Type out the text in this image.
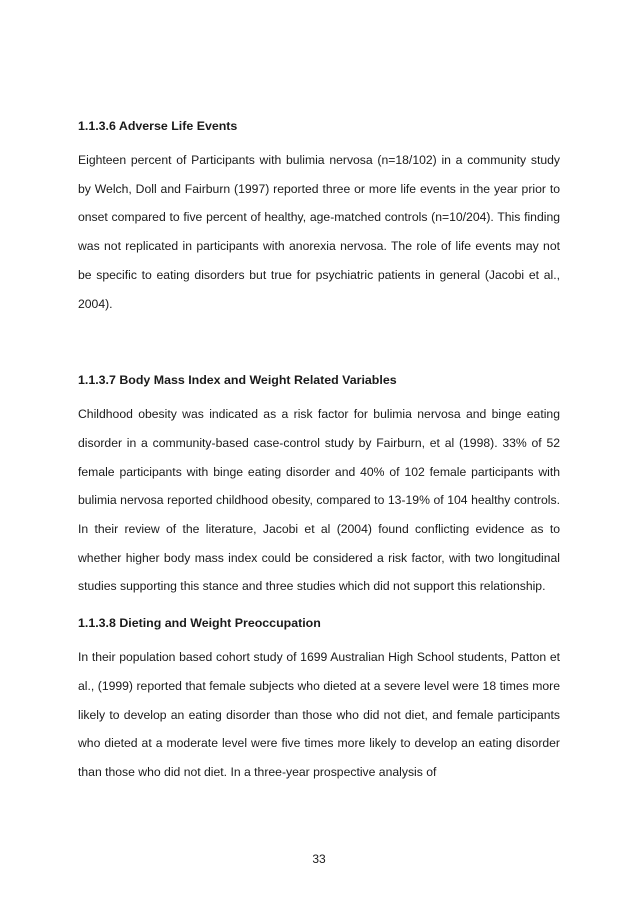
1.1.3.6 Adverse Life Events

Eighteen percent of Participants with bulimia nervosa (n=18/102) in a community study by Welch, Doll and Fairburn (1997) reported three or more life events in the year prior to onset compared to five percent of healthy, age-matched controls (n=10/204). This finding was not replicated in participants with anorexia nervosa. The role of life events may not be specific to eating disorders but true for psychiatric patients in general (Jacobi et al., 2004).

1.1.3.7 Body Mass Index and Weight Related Variables

Childhood obesity was indicated as a risk factor for bulimia nervosa and binge eating disorder in a community-based case-control study by Fairburn, et al (1998). 33% of 52 female participants with binge eating disorder and 40% of 102 female participants with bulimia nervosa reported childhood obesity, compared to 13-19% of 104 healthy controls. In their review of the literature, Jacobi et al (2004) found conflicting evidence as to whether higher body mass index could be considered a risk factor, with two longitudinal studies supporting this stance and three studies which did not support this relationship.

1.1.3.8 Dieting and Weight Preoccupation

In their population based cohort study of 1699 Australian High School students, Patton et al., (1999) reported that female subjects who dieted at a severe level were 18 times more likely to develop an eating disorder than those who did not diet, and female participants who dieted at a moderate level were five times more likely to develop an eating disorder than those who did not diet. In a three-year prospective analysis of

33
